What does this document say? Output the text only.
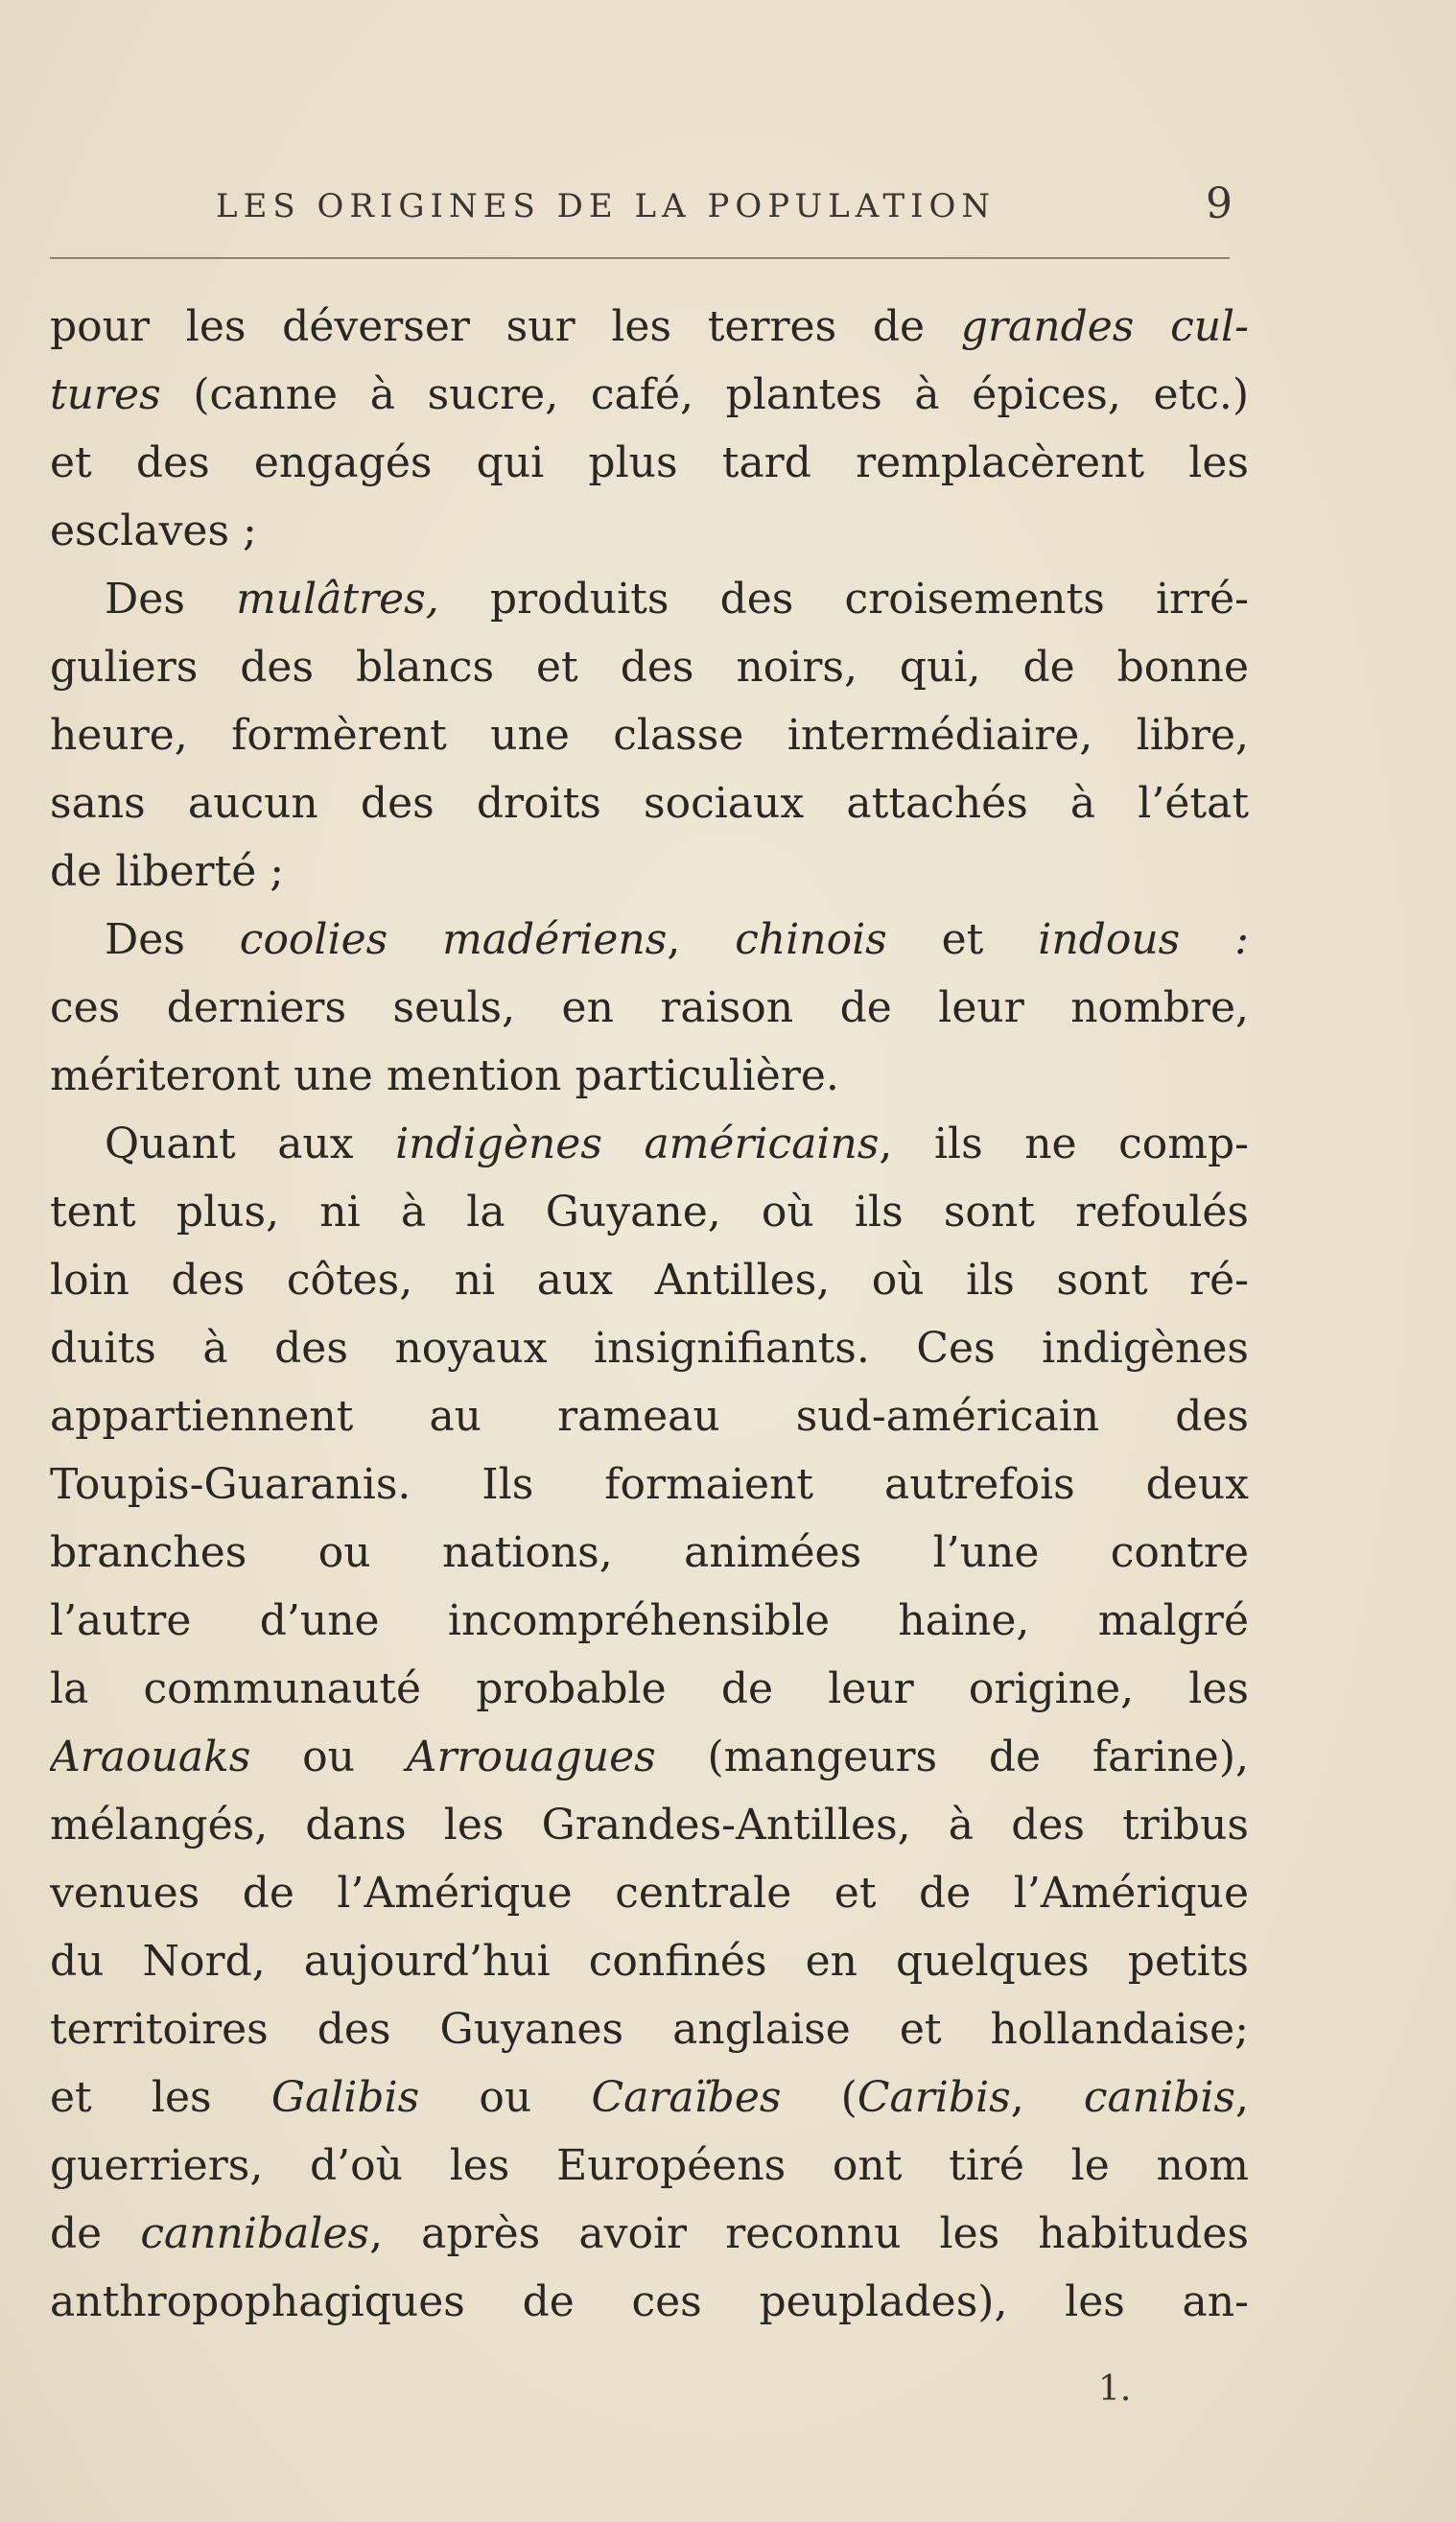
LES ORIGINES DE LA POPULATION	9
pour les déverser sur les terres de grandes cul-
tures (canne à sucre, café, plantes à épices, etc.)
et des engagés qui plus tard remplacèrent les
esclaves ;
Des mulâtres, produits des croisements irré-
guliers des blancs et des noirs, qui, de bonne
heure, formèrent une classe intermédiaire, libre,
sans aucun des droits sociaux attachés à l’état
de liberté ;
Des coolies madériens, chinois et indous :
ces derniers seuls, en raison de leur nombre,
mériteront une mention particulière.
Quant aux indigènes américains, ils ne comp-
tent plus, ni à la Guyane, où ils sont refoulés
loin des côtes, ni aux Antilles, où ils sont ré-
duits à des noyaux insignifiants. Ces indigènes
appartiennent au rameau sud-américain des
Toupis-Guaranis. Ils formaient autrefois deux
branches ou nations, animées l’une contre
l’autre d’une incompréhensible haine, malgré
la communauté probable de leur origine, les
Araouaks ou Arrouagues (mangeurs de farine),
mélangés, dans les Grandes-Antilles, à des tribus
venues de l’Amérique centrale et de l’Amérique
du Nord, aujourd’hui confinés en quelques petits
territoires des Guyanes anglaise et hollandaise;
et les Galibis ou Caraïbes (Caribis, canibis,
guerriers, d’où les Européens ont tiré le nom
de cannibales, après avoir reconnu les habitudes
anthropophagiques de ces peuplades), les an-
1.
